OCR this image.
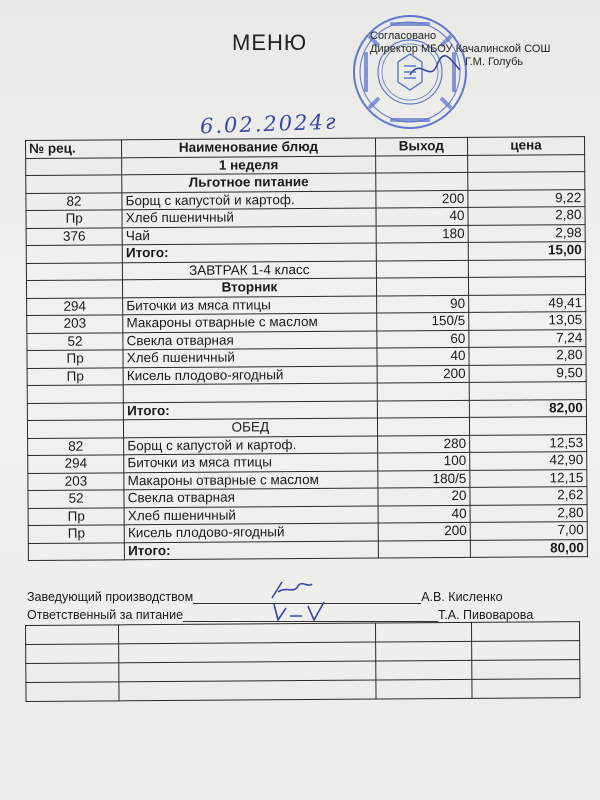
МЕНЮ	Согласовано
Директор МБОУ Качалинской СОШ
Г.М. Голубь
6.02.2024г
№ рец.	Наименование блюд	Выход	цена
	1 неделя		
	Льготное питание		
82	Борщ с капустой и картоф.	200	9,22
Пр	Хлеб пшеничный	40	2,80
376	Чай	180	2,98
	Итого:		15,00
	ЗАВТРАК 1-4 класс		
	Вторник		
294	Биточки из мяса птицы	90	49,41
203	Макароны отварные с маслом	150/5	13,05
52	Свекла отварная	60	7,24
Пр	Хлеб пшеничный	40	2,80
Пр	Кисель плодово-ягодный	200	9,50

	Итого:		82,00
	ОБЕД		
82	Борщ с капустой и картоф.	280	12,53
294	Биточки из мяса птицы	100	42,90
203	Макароны отварные с маслом	180/5	12,15
52	Свекла отварная	20	2,62
Пр	Хлеб пшеничный	40	2,80
Пр	Кисель плодово-ягодный	200	7,00
	Итого:		80,00
Заведующий производством	А.В. Кисленко
Ответственный за питание	Т.А. Пивоварова
